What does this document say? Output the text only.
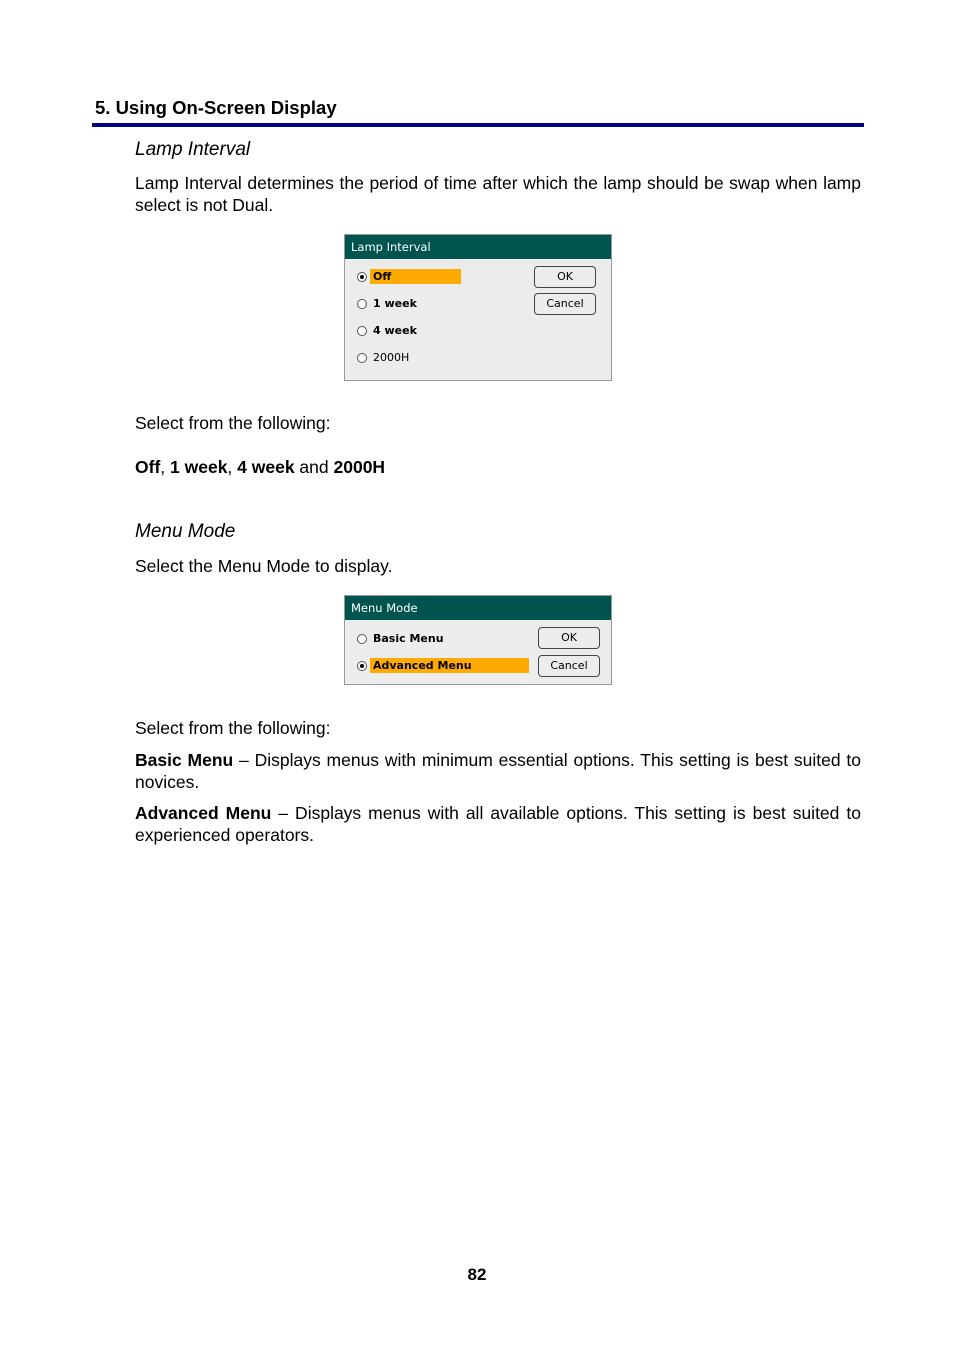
5. Using On-Screen Display
Lamp Interval
Lamp Interval determines the period of time after which the lamp should be swap when lamp select is not Dual.
Lamp Interval
Off
1 week
4 week
2000H
OK
Cancel
Select from the following:
Off, 1 week, 4 week and 2000H
Menu Mode
Select the Menu Mode to display.
Menu Mode
Basic Menu
Advanced Menu
OK
Cancel
Select from the following:
Basic Menu – Displays menus with minimum essential options. This setting is best suited to novices.
Advanced Menu – Displays menus with all available options. This setting is best suited to experienced operators.
82
